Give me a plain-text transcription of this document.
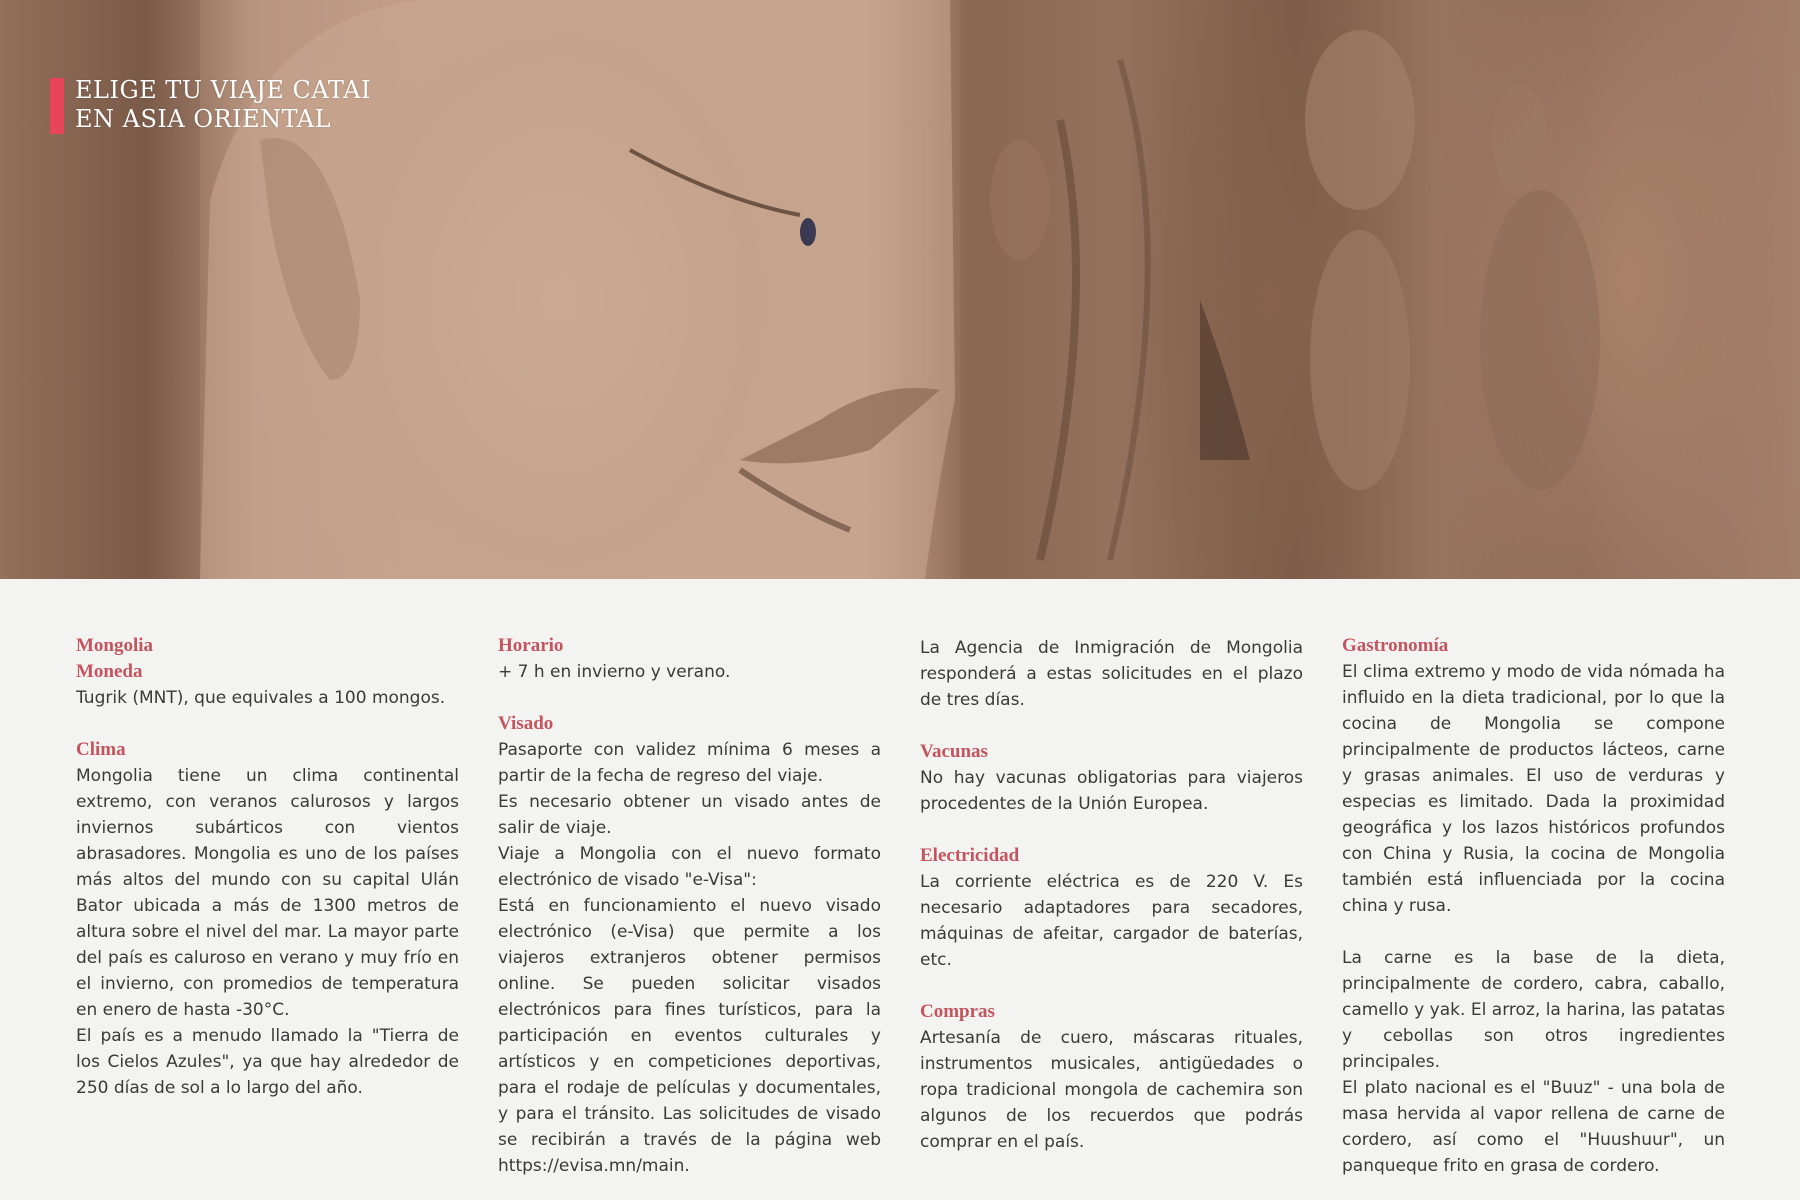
ELIGE TU VIAJE CATAI
EN ASIA ORIENTAL
Mongolia
Moneda

Tugrik (MNT), que equivales a 100 mongos.

Clima

Mongolia tiene un clima continental extremo, con veranos calurosos y largos inviernos subárticos con vientos abrasadores. Mongolia es uno de los países más altos del mundo con su capital Ulán Bator ubicada a más de 1300 metros de altura sobre el nivel del mar. La mayor parte del país es caluroso en verano y muy frío en el invierno, con promedios de temperatura en enero de hasta -30°C.

El país es a menudo llamado la "Tierra de los Cielos Azules", ya que hay alrededor de 250 días de sol a lo largo del año.

Horario

+ 7 h en invierno y verano.

Visado

Pasaporte con validez mínima 6 meses a partir de la fecha de regreso del viaje.

Es necesario obtener un visado antes de salir de viaje.

Viaje a Mongolia con el nuevo formato electrónico de visado "e-Visa":

Está en funcionamiento el nuevo visado electrónico (e-Visa) que permite a los viajeros extranjeros obtener permisos online. Se pueden solicitar visados electrónicos para fines turísticos, para la participación en eventos culturales y artísticos y en competiciones deportivas, para el rodaje de películas y documentales, y para el tránsito. Las solicitudes de visado se recibirán a través de la página web https://evisa.mn/main.

La Agencia de Inmigración de Mongolia responderá a estas solicitudes en el plazo de tres días.

Vacunas

No hay vacunas obligatorias para viajeros procedentes de la Unión Europea.

Electricidad

La corriente eléctrica es de 220 V. Es necesario adaptadores para secadores, máquinas de afeitar, cargador de baterías, etc.

Compras

Artesanía de cuero, máscaras rituales, instrumentos musicales, antigüedades o ropa tradicional mongola de cachemira son algunos de los recuerdos que podrás comprar en el país.

Gastronomía

El clima extremo y modo de vida nómada ha influido en la dieta tradicional, por lo que la cocina de Mongolia se compone principalmente de productos lácteos, carne y grasas animales. El uso de verduras y especias es limitado. Dada la proximidad geográfica y los lazos históricos profundos con China y Rusia, la cocina de Mongolia también está influenciada por la cocina china y rusa.

La carne es la base de la dieta, principalmente de cordero, cabra, caballo, camello y yak. El arroz, la harina, las patatas y cebollas son otros ingredientes principales.

El plato nacional es el "Buuz" - una bola de masa hervida al vapor rellena de carne de cordero, así como el "Huushuur", un panqueque frito en grasa de cordero.
